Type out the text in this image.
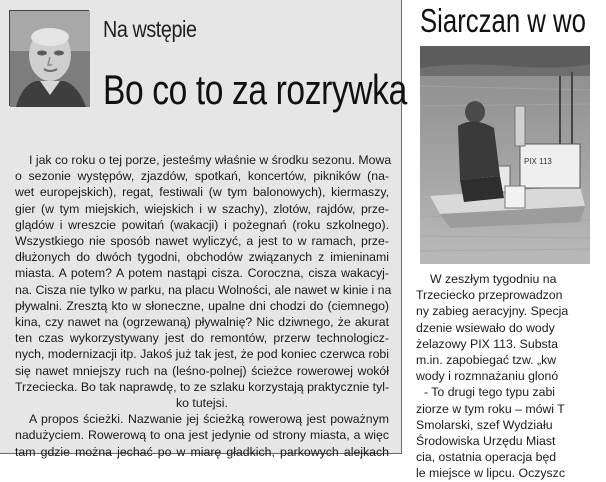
Na wstępie
Bo co to za rozrywka
I jak co roku o tej porze, jesteśmy właśnie w środku sezonu. Mowa
o sezonie występów, zjazdów, spotkań, koncertów, pikników (na-
wet europejskich), regat, festiwali (w tym balonowych), kiermaszy,
gier (w tym miejskich, wiejskich i w szachy), zlotów, rajdów, prze-
glądów i wreszcie powitań (wakacji) i pożegnań (roku szkolnego).
Wszystkiego nie sposób nawet wyliczyć, a jest to w ramach, prze-
dłużonych do dwóch tygodni, obchodów związanych z imieninami
miasta. A potem? A potem nastąpi cisza. Coroczna, cisza wakacyj-
na. Cisza nie tylko w parku, na placu Wolności, ale nawet w kinie i na
pływalni. Zresztą kto w słoneczne, upalne dni chodzi do (ciemnego)
kina, czy nawet na (ogrzewaną) pływalnię? Nic dziwnego, że akurat
ten czas wykorzystywany jest do remontów, przerw technologicz-
nych, modernizacji itp. Jakoś już tak jest, że pod koniec czerwca robi
się nawet mniejszy ruch na (leśno-polnej) ścieżce rowerowej wokół
Trzeciecka. Bo tak naprawdę, to ze szlaku korzystają praktycznie tyl-
ko tutejsi.
A propos ścieżki. Nazwanie jej ścieżką rowerową jest poważnym
nadużyciem. Rowerową to ona jest jedynie od strony miasta, a więc
tam gdzie można jechać po w miarę gładkich, parkowych alejkach
Siarczan w wo
PIX 113
W zeszłym tygodniu na
Trzeciecko przeprowadzon
ny zabieg aeracyjny. Specja
dzenie wsiewało do wody
żelazowy PIX 113. Substa
m.in. zapobiegać tzw. „kw
wody i rozmnażaniu glonó
- To drugi tego typu zabi
ziorze w tym roku – mówi T
Smolarski, szef Wydziału
Środowiska Urzędu Miast
cia, ostatnia operacja będ
le miejsce w lipcu. Oczyszc
